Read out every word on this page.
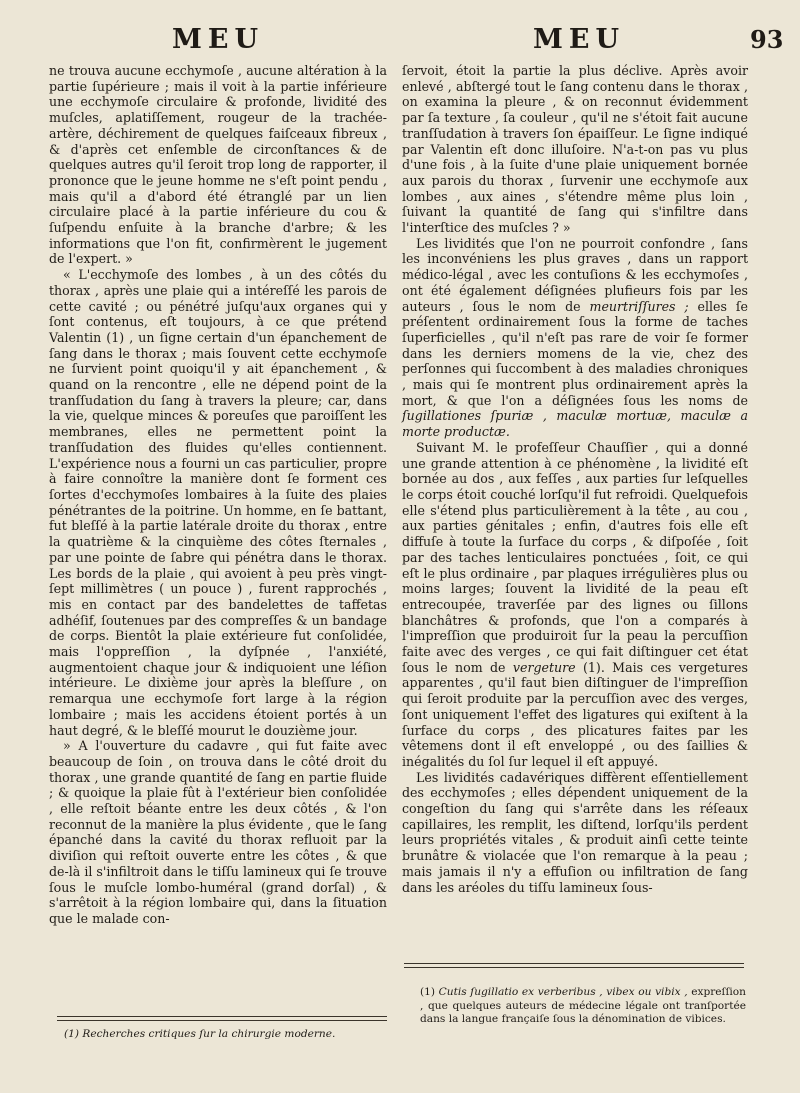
MEU	MEU	93

ne trouva aucune ecchymoſe , aucune altération à la partie ſupérieure ; mais il voit à la partie inférieure une ecchymoſe circulaire & profonde, lividité des muſcles, aplatiſſement, rougeur de la trachée-artère, déchirement de quelques faiſceaux fibreux , & d'après cet enſemble de circonſtances & de quelques autres qu'il ſeroit trop long de rapporter, il prononce que le jeune homme ne s'eſt point pendu , mais qu'il a d'abord été étranglé par un lien circulaire placé à la partie inférieure du cou & ſuſpendu enſuite à la branche d'arbre; & les informations que l'on fit, confirmèrent le jugement de l'expert. »

« L'ecchymoſe des lombes , à un des côtés du thorax , après une plaie qui a intéreſſé les parois de cette cavité ; ou pénétré juſqu'aux organes qui y ſont contenus, eſt toujours, à ce que prétend Valentin (1) , un ſigne certain d'un épanchement de ſang dans le thorax ; mais ſouvent cette ecchymoſe ne ſurvient point quoiqu'il y ait épanchement , & quand on la rencontre , elle ne dépend point de la tranſſudation du ſang à travers la pleure; car, dans la vie, quelque minces & poreuſes que paroiſſent les membranes, elles ne permettent point la tranſſudation des fluides qu'elles contiennent. L'expérience nous a fourni un cas particulier, propre à faire connoître la manière dont ſe forment ces ſortes d'ecchymoſes lombaires à la ſuite des plaies pénétrantes de la poitrine. Un homme, en ſe battant, fut bleſſé à la partie latérale droite du thorax , entre la quatrième & la cinquième des côtes ſternales , par une pointe de ſabre qui pénétra dans le thorax. Les bords de la plaie , qui avoient à peu près vingt-ſept millimètres ( un pouce ) , furent rapprochés , mis en contact par des bandelettes de taffetas adhéſif, ſoutenues par des compreſſes & un bandage de corps. Bientôt la plaie extérieure fut conſolidée, mais l'oppreſſion , la dyſpnée , l'anxiété, augmentoient chaque jour & indiquoient une léſion intérieure. Le dixième jour après la bleſſure , on remarqua une ecchymoſe fort large à la région lombaire ; mais les accidens étoient portés à un haut degré, & le bleſſé mourut le douzième jour.

» A l'ouverture du cadavre , qui fut faite avec beaucoup de ſoin , on trouva dans le côté droit du thorax , une grande quantité de ſang en partie fluide ; & quoique la plaie fût à l'extérieur bien conſolidée , elle reſtoit béante entre les deux côtés , & l'on reconnut de la manière la plus évidente , que le ſang épanché dans la cavité du thorax refluoit par la diviſion qui reſtoit ouverte entre les côtes , & que de-là il s'infiltroit dans le tiſſu lamineux qui ſe trouve ſous le muſcle lombo-huméral (grand dorſal) , & s'arrêtoit à la région lombaire qui, dans la ſituation que le malade con-

ſervoit, étoit la partie la plus déclive. Après avoir enlevé , abſtergé tout le ſang contenu dans le thorax , on examina la pleure , & on reconnut évidemment par ſa texture , ſa couleur , qu'il ne s'étoit fait aucune tranſſudation à travers ſon épaiſſeur. Le ſigne indiqué par Valentin eſt donc illuſoire. N'a-t-on pas vu plus d'une fois , à la ſuite d'une plaie uniquement bornée aux parois du thorax , ſurvenir une ecchymoſe aux lombes , aux aines , s'étendre même plus loin , ſuivant la quantité de ſang qui s'infiltre dans l'interſtice des muſcles ? »

Les lividités que l'on ne pourroit confondre , ſans les inconvéniens les plus graves , dans un rapport médico-légal , avec les contuſions & les ecchymoſes , ont été également déſignées plufieurs fois par les auteurs , ſous le nom de meurtriſſures ; elles ſe préſentent ordinairement ſous la forme de taches ſuperficielles , qu'il n'eſt pas rare de voir ſe former dans les derniers momens de la vie, chez des perſonnes qui ſuccombent à des maladies chroniques , mais qui ſe montrent plus ordinairement après la mort, & que l'on a déſignées ſous les noms de ſugillationes ſpuriæ , maculæ mortuæ, maculæ a morte productæ.

Suivant M. le profeſſeur Chauſſier , qui a donné une grande attention à ce phénomène , la lividité eſt bornée au dos , aux feſſes , aux parties ſur leſquelles le corps étoit couché lorſqu'il fut refroidi. Quelquefois elle s'étend plus particulièrement à la tête , au cou , aux parties génitales ; enfin, d'autres fois elle eſt diffuſe à toute la ſurface du corps , & diſpoſée , ſoit par des taches lenticulaires ponctuées , ſoit, ce qui eſt le plus ordinaire , par plaques irrégulières plus ou moins larges; ſouvent la lividité de la peau eſt entrecoupée, traverſée par des lignes ou ſillons blanchâtres & profonds, que l'on a comparés à l'impreſſion que produiroit ſur la peau la percuſſion faite avec des verges , ce qui fait diſtinguer cet état ſous le nom de vergeture (1). Mais ces vergetures apparentes , qu'il faut bien diſtinguer de l'impreſſion qui ſeroit produite par la percuſſion avec des verges, ſont uniquement l'effet des ligatures qui exiſtent à la ſurface du corps , des plicatures faites par les vêtemens dont il eſt enveloppé , ou des ſaillies & inégalités du ſol ſur lequel il eſt appuyé.

Les lividités cadavériques diffèrent eſſentiellement des ecchymoſes ; elles dépendent uniquement de la congeſtion du ſang qui s'arrête dans les réſeaux capillaires, les remplit, les diſtend, lorſqu'ils perdent leurs propriétés vitales , & produit ainſi cette teinte brunâtre & violacée que l'on remarque à la peau ; mais jamais il n'y a effuſion ou infiltration de ſang dans les aréoles du tiſſu lamineux ſous-

(1) Cutis ſugillatio ex verberibus , vibex ou vibix , expreſſion , que quelques auteurs de médecine légale ont tranſportée dans la langue françaiſe ſous la dénomination de vibices.
(1) Recherches critiques ſur la chirurgie moderne.
